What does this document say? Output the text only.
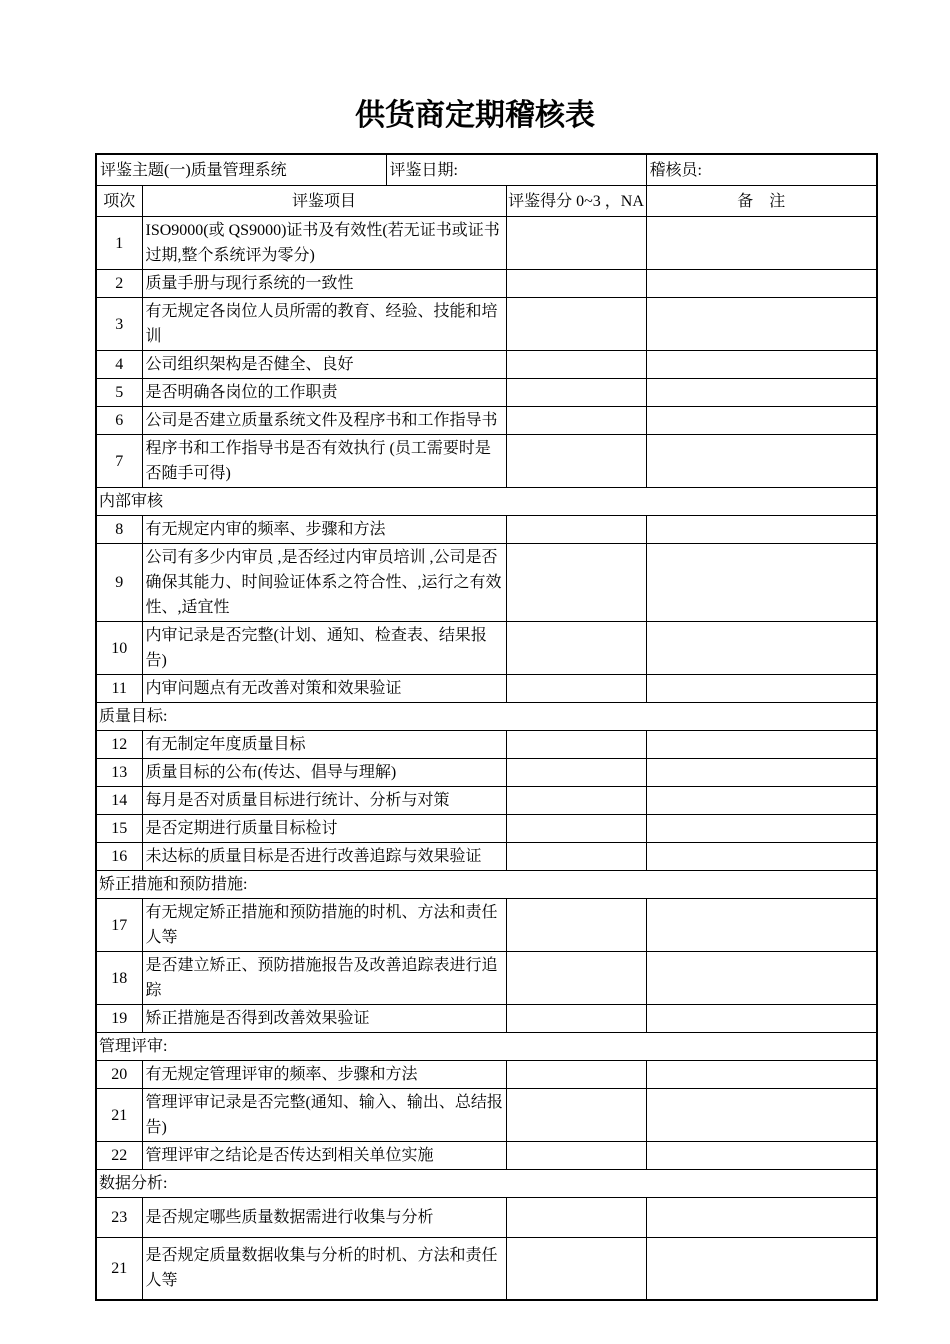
供货商定期稽核表
评鉴主题(一)质量管理系统		评鉴日期:		稽核员:
项次	评鉴项目		评鉴得分 0~3 ，NA	备　注
1	ISO9000(或 QS9000)证书及有效性(若无证书或证书过期,整个系统评为零分)			
2	质量手册与现行系统的一致性			
3	有无规定各岗位人员所需的教育、经验、技能和培训			
4	公司组织架构是否健全、良好			
5	是否明确各岗位的工作职责			
6	公司是否建立质量系统文件及程序书和工作指导书			
7	程序书和工作指导书是否有效执行 (员工需要时是否随手可得)			
内部审核				
8	有无规定内审的频率、步骤和方法			
9	公司有多少内审员 ,是否经过内审员培训 ,公司是否确保其能力、时间验证体系之符合性、,运行之有效性、,适宜性			
10	内审记录是否完整(计划、通知、检查表、结果报告)			
11	内审问题点有无改善对策和效果验证			
质量目标:				
12	有无制定年度质量目标			
13	质量目标的公布(传达、倡导与理解)			
14	每月是否对质量目标进行统计、分析与对策			
15	是否定期进行质量目标检讨			
16	未达标的质量目标是否进行改善追踪与效果验证			
矫正措施和预防措施:				
17	有无规定矫正措施和预防措施的时机、方法和责任人等			
18	是否建立矫正、预防措施报告及改善追踪表进行追踪			
19	矫正措施是否得到改善效果验证			
管理评审:				
20	有无规定管理评审的频率、步骤和方法			
21	管理评审记录是否完整(通知、输入、输出、总结报告)			
22	管理评审之结论是否传达到相关单位实施			
数据分析:				
23	是否规定哪些质量数据需进行收集与分析			
21	是否规定质量数据收集与分析的时机、方法和责任人等			
